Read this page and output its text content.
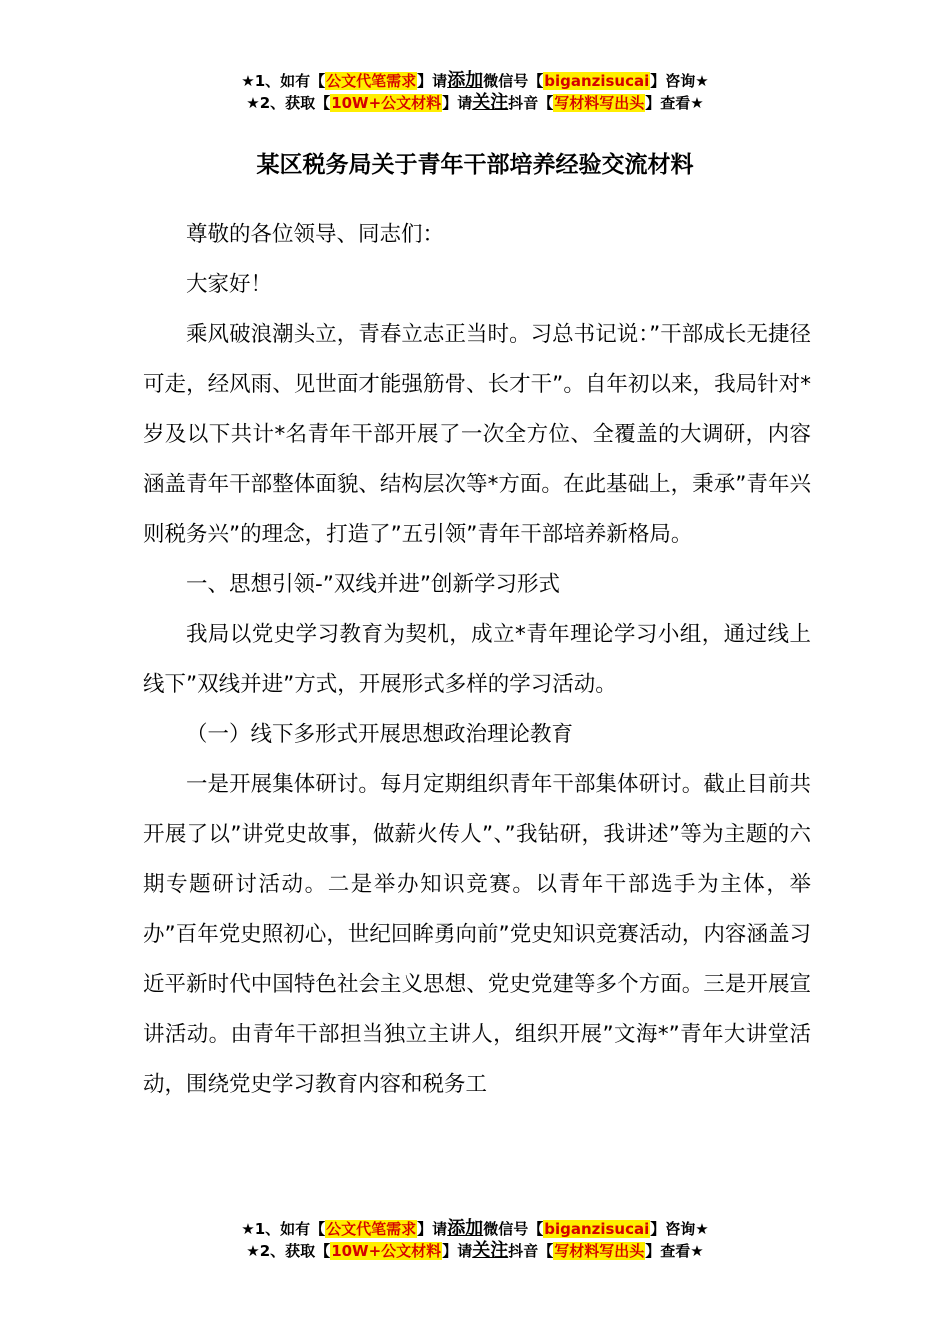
★1、如有【公文代笔需求】请添加微信号【biganzisucai】咨询★
★2、获取【10W+公文材料】请关注抖音【写材料写出头】查看★
某区税务局关于青年干部培养经验交流材料

尊敬的各位领导、同志们：

大家好！

乘风破浪潮头立，青春立志正当时。习总书记说：”干部成长无捷径可走，经风雨、见世面才能强筋骨、长才干”。自年初以来，我局针对*岁及以下共计*名青年干部开展了一次全方位、全覆盖的大调研，内容涵盖青年干部整体面貌、结构层次等*方面。在此基础上，秉承”青年兴则税务兴”的理念，打造了”五引领”青年干部培养新格局。

一、思想引领-”双线并进”创新学习形式

我局以党史学习教育为契机，成立*青年理论学习小组，通过线上线下”双线并进”方式，开展形式多样的学习活动。

（一）线下多形式开展思想政治理论教育

一是开展集体研讨。每月定期组织青年干部集体研讨。截止目前共开展了以”讲党史故事，做薪火传人”、”我钻研，我讲述”等为主题的六期专题研讨活动。二是举办知识竞赛。以青年干部选手为主体，举办”百年党史照初心，世纪回眸勇向前”党史知识竞赛活动，内容涵盖习近平新时代中国特色社会主义思想、党史党建等多个方面。三是开展宣讲活动。由青年干部担当独立主讲人，组织开展”文海*”青年大讲堂活动，围绕党史学习教育内容和税务工

★1、如有【公文代笔需求】请添加微信号【biganzisucai】咨询★
★2、获取【10W+公文材料】请关注抖音【写材料写出头】查看★
